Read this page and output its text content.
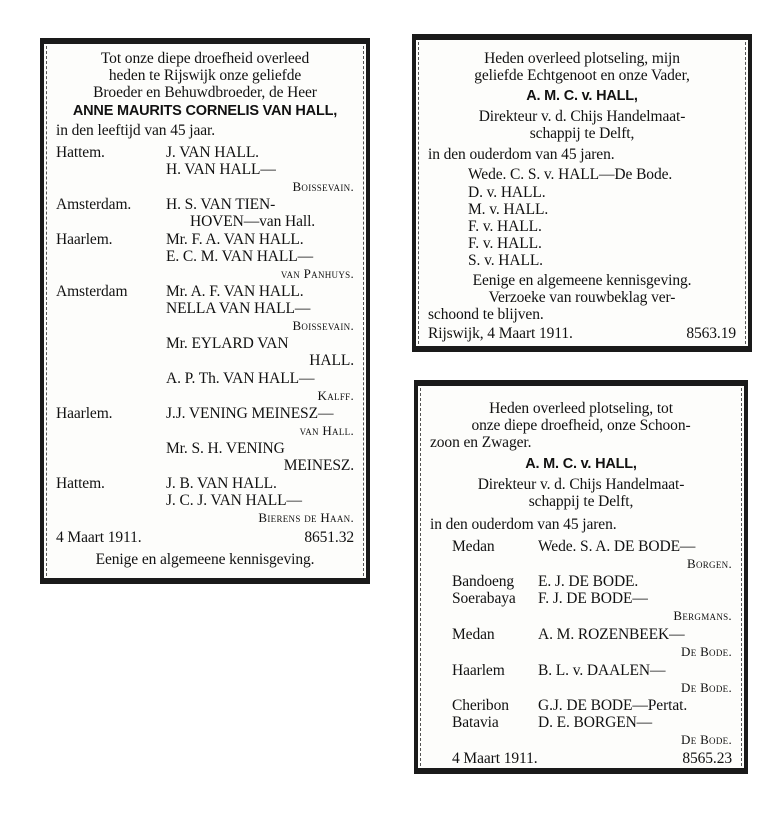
Tot onze diepe droefheid overleed
heden te Rijswijk onze geliefde
Broeder en Behuwdbroeder, de Heer
ANNE MAURITS CORNELIS VAN HALL,
in den leeftijd van 45 jaar.
Hattem.	J. VAN HALL.
H. VAN HALL—
Boissevain.
Amsterdam. H. S. VAN TIEN-
HOVEN—van Hall.
Haarlem.	Mr. F. A. VAN HALL.
E. C. M. VAN HALL—
van Panhuys.
Amsterdam Mr. A. F. VAN HALL.
NELLA VAN HALL—
Boissevain.
Mr. EYLARD VAN
HALL.
A. P. Th. VAN HALL—
Kalff.
Haarlem.	J.J. VENING MEINESZ—
van Hall.
Mr. S. H. VENING
MEINESZ.
Hattem.	J. B. VAN HALL.
J. C. J. VAN HALL—
Bierens de Haan.
4 Maart 1911.	8651.32
Eenige en algemeene kennisgeving.
Heden overleed plotseling, mijn
geliefde Echtgenoot en onze Vader,
A. M. C. v. HALL,
Direkteur v. d. Chijs Handelmaat-
schappij te Delft,
in den ouderdom van 45 jaren.
Wede. C. S. v. HALL—De Bode.
D. v. HALL.
M. v. HALL.
F. v. HALL.
F. v. HALL.
S. v. HALL.
Eenige en algemeene kennisgeving.
Verzoeke van rouwbeklag ver-
schoond te blijven.
Rijswijk, 4 Maart 1911.	8563.19
Heden overleed plotseling, tot
onze diepe droefheid, onze Schoon-
zoon en Zwager.
A. M. C. v. HALL,
Direkteur v. d. Chijs Handelmaat-
schappij te Delft,
in den ouderdom van 45 jaren.
Medan	Wede. S. A. DE BODE—
Borgen.
Bandoeng E. J. DE BODE.
Soerabaya F. J. DE BODE—
Bergmans.
Medan	A. M. ROZENBEEK—
De Bode.
Haarlem B. L. v. DAALEN—
De Bode.
Cheribon G.J. DE BODE—Pertat.
Batavia	D. E. BORGEN—
De Bode.
4 Maart 1911.	8565.23
